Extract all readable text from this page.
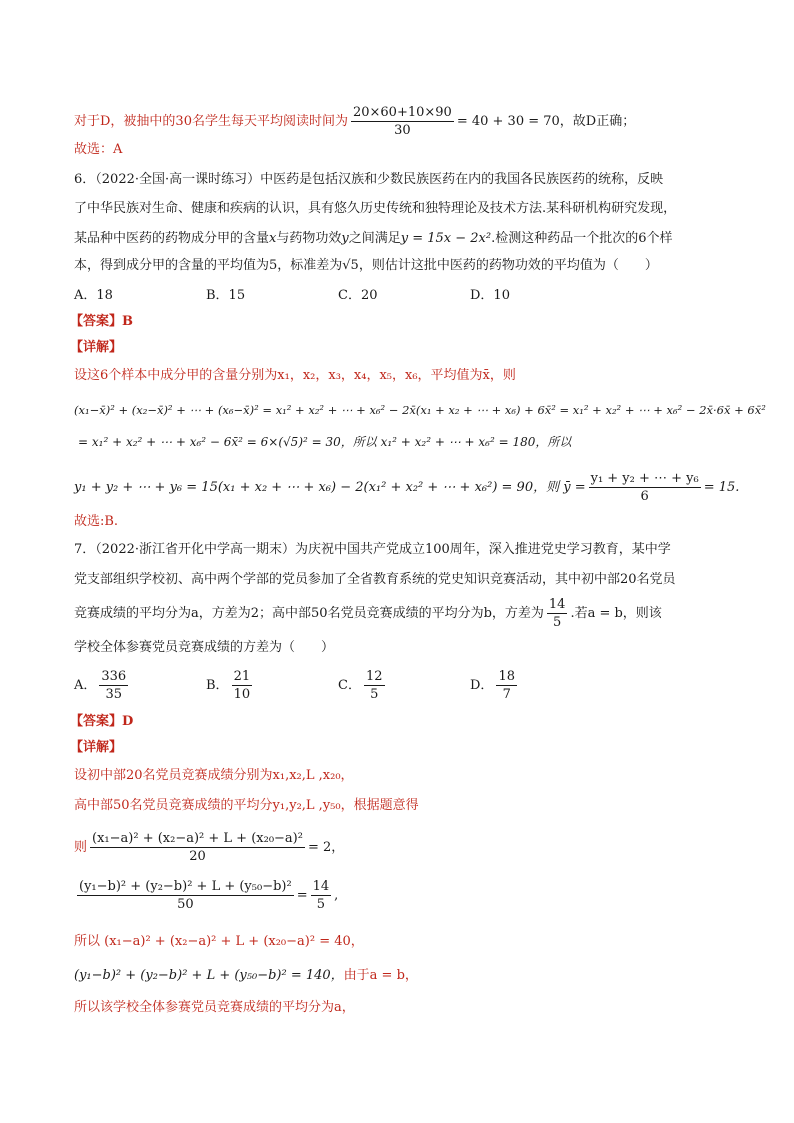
对于D，被抽中的30名学生每天平均阅读时间为 $\frac{20\times 60+10\times 90}{30} = 40 + 30 = 70$，故D正确；
故选：A
6．（2022·全国·高一课时练习）中医药是包括汉族和少数民族医药在内的我国各民族医药的统称，反映
了中华民族对生命、健康和疾病的认识，具有悠久历史传统和独特理论及技术方法.某科研机构研究发现，
某品种中医药的药物成分甲的含量x与药物功效y之间满足y = 15x − 2x².检测这种药品一个批次的6个样
本，得到成分甲的含量的平均值为5，标准差为√5，则估计这批中医药的药物功效的平均值为（　　）
A．18	B．15	C．20	D．10
【答案】B
【详解】
设这6个样本中成分甲的含量分别为x₁，x₂，x₃，x₄，x₅，x₆，平均值为x̄，则
(x₁−x̄)² + (x₂−x̄)² + ⋯ + (x₆−x̄)² = x₁² + x₂² + ⋯ + x₆² − 2x̄(x₁ + x₂ + ⋯ + x₆) + 6x̄² = x₁² + x₂² + ⋯ + x₆² − 2x̄·6x̄ + 6x̄²
= x₁² + x₂² + ⋯ + x₆² − 6x̄² = 6×(√5)² = 30，所以 x₁² + x₂² + ⋯ + x₆² = 180，所以
y₁ + y₂ + ⋯ + y₆ = 15(x₁ + x₂ + ⋯ + x₆) − 2(x₁² + x₂² + ⋯ + x₆²) = 90，则 ȳ = $\frac{\text{y₁ + y₂ + ⋯ + y₆}}{6} = 15$.
故选:B.
7．（2022·浙江省开化中学高一期末）为庆祝中国共产党成立100周年，深入推进党史学习教育，某中学
党支部组织学校初、高中两个学部的党员参加了全省教育系统的党史知识竞赛活动，其中初中部20名党员
竞赛成绩的平均分为a，方差为2；高中部50名党员竞赛成绩的平均分为b，方差为 $\frac{14}{5}$ .若a = b，则该
学校全体参赛党员竞赛成绩的方差为（　　）
A． $\frac{336}{35}$	B． $\frac{21}{10}$	C． $\frac{12}{5}$	D． $\frac{18}{7}$
【答案】D
【详解】
设初中部20名党员竞赛成绩分别为x₁,x₂,L ,x₂₀，
高中部50名党员竞赛成绩的平均分y₁,y₂,L ,y₅₀，根据题意得
则 $\frac{\text{(x₁−a)² + (x₂−a)² + L + (x₂₀−a)²}}{20} = 2$，
$\frac{\text{(y₁−b)² + (y₂−b)² + L + (y₅₀−b)²}}{50} = \frac{14}{5}$ ,
所以 (x₁−a)² + (x₂−a)² + L + (x₂₀−a)² = 40，
(y₁−b)² + (y₂−b)² + L + (y₅₀−b)² = 140，由于a = b，
所以该学校全体参赛党员竞赛成绩的平均分为a，
